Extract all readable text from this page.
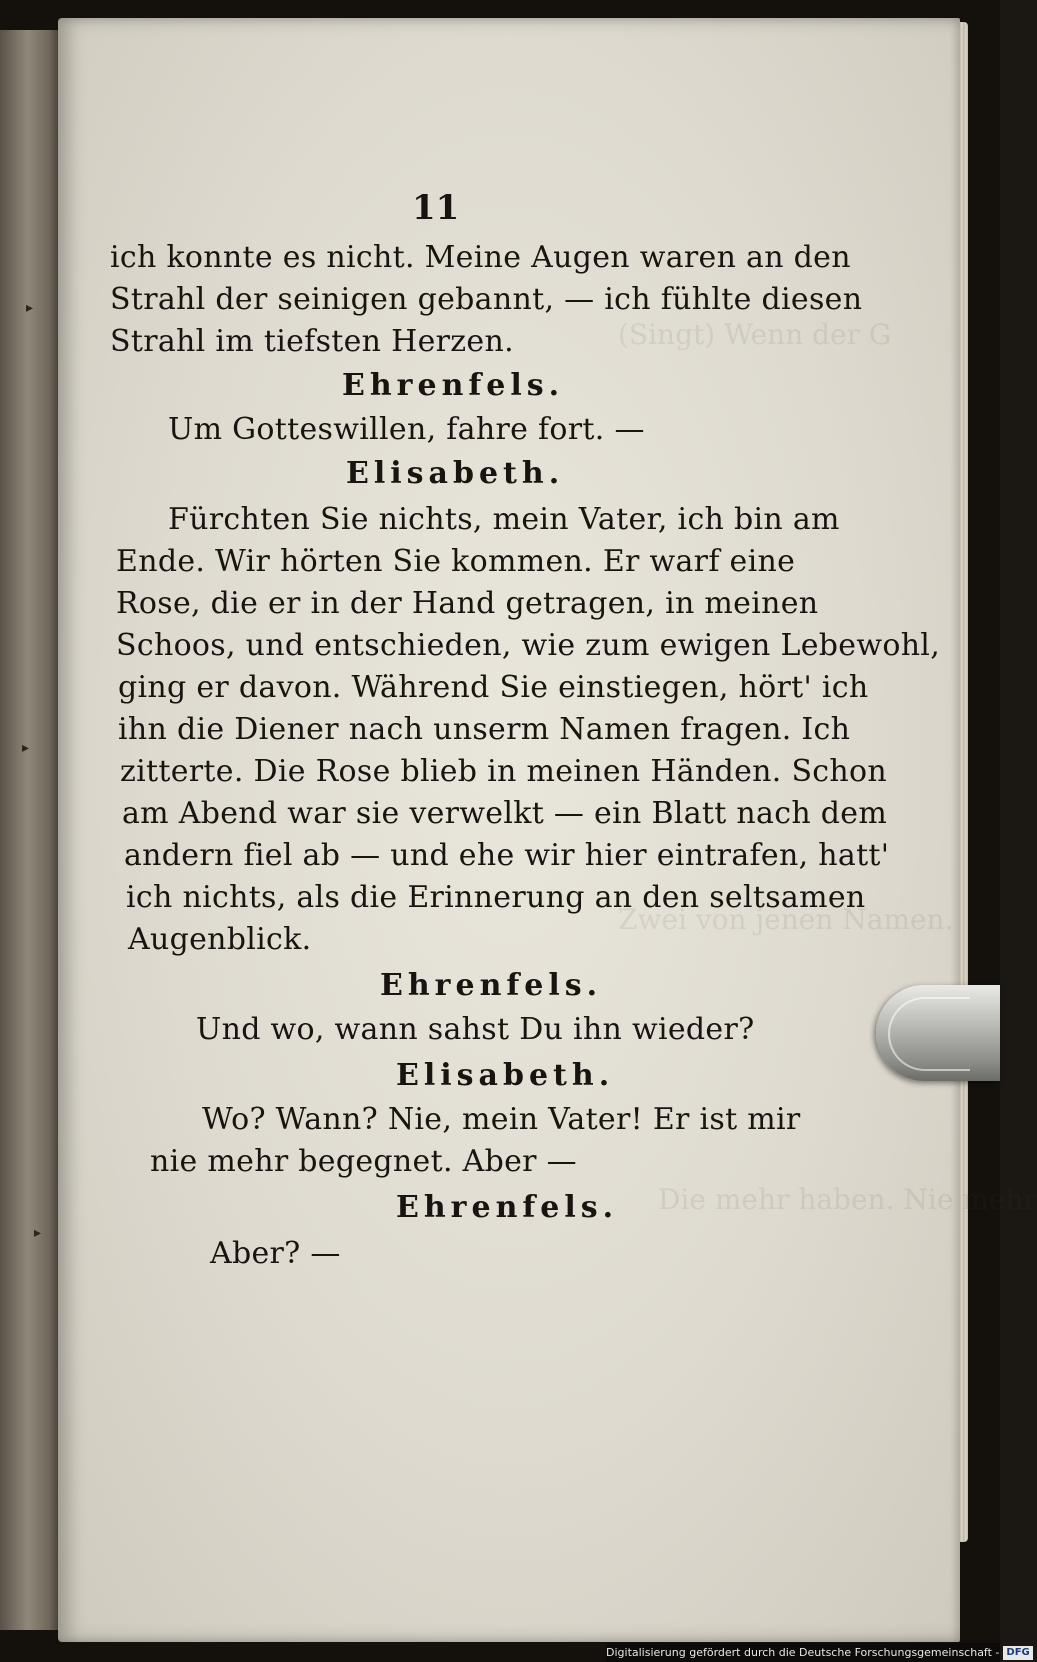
(Singt) Wenn der G
Zwei von jenen Namen.
Die mehr haben. Nie mehr
11
ich konnte es nicht. Meine Augen waren an den
Strahl der seinigen gebannt, — ich fühlte diesen
Strahl im tiefsten Herzen.
Ehrenfels.
Um Gotteswillen, fahre fort. —
Elisabeth.
Fürchten Sie nichts, mein Vater, ich bin am
Ende. Wir hörten Sie kommen. Er warf eine
Rose, die er in der Hand getragen, in meinen
Schoos, und entschieden, wie zum ewigen Lebewohl,
ging er davon. Während Sie einstiegen, hört' ich
ihn die Diener nach unserm Namen fragen. Ich
zitterte. Die Rose blieb in meinen Händen. Schon
am Abend war sie verwelkt — ein Blatt nach dem
andern fiel ab — und ehe wir hier eintrafen, hatt'
ich nichts, als die Erinnerung an den seltsamen
Augenblick.
Ehrenfels.
Und wo, wann sahst Du ihn wieder?
Elisabeth.
Wo? Wann? Nie, mein Vater! Er ist mir
nie mehr begegnet. Aber —
Ehrenfels.
Aber? —
▸
▸
▸
Digitalisierung gefördert durch die Deutsche Forschungsgemeinschaft - DFG
